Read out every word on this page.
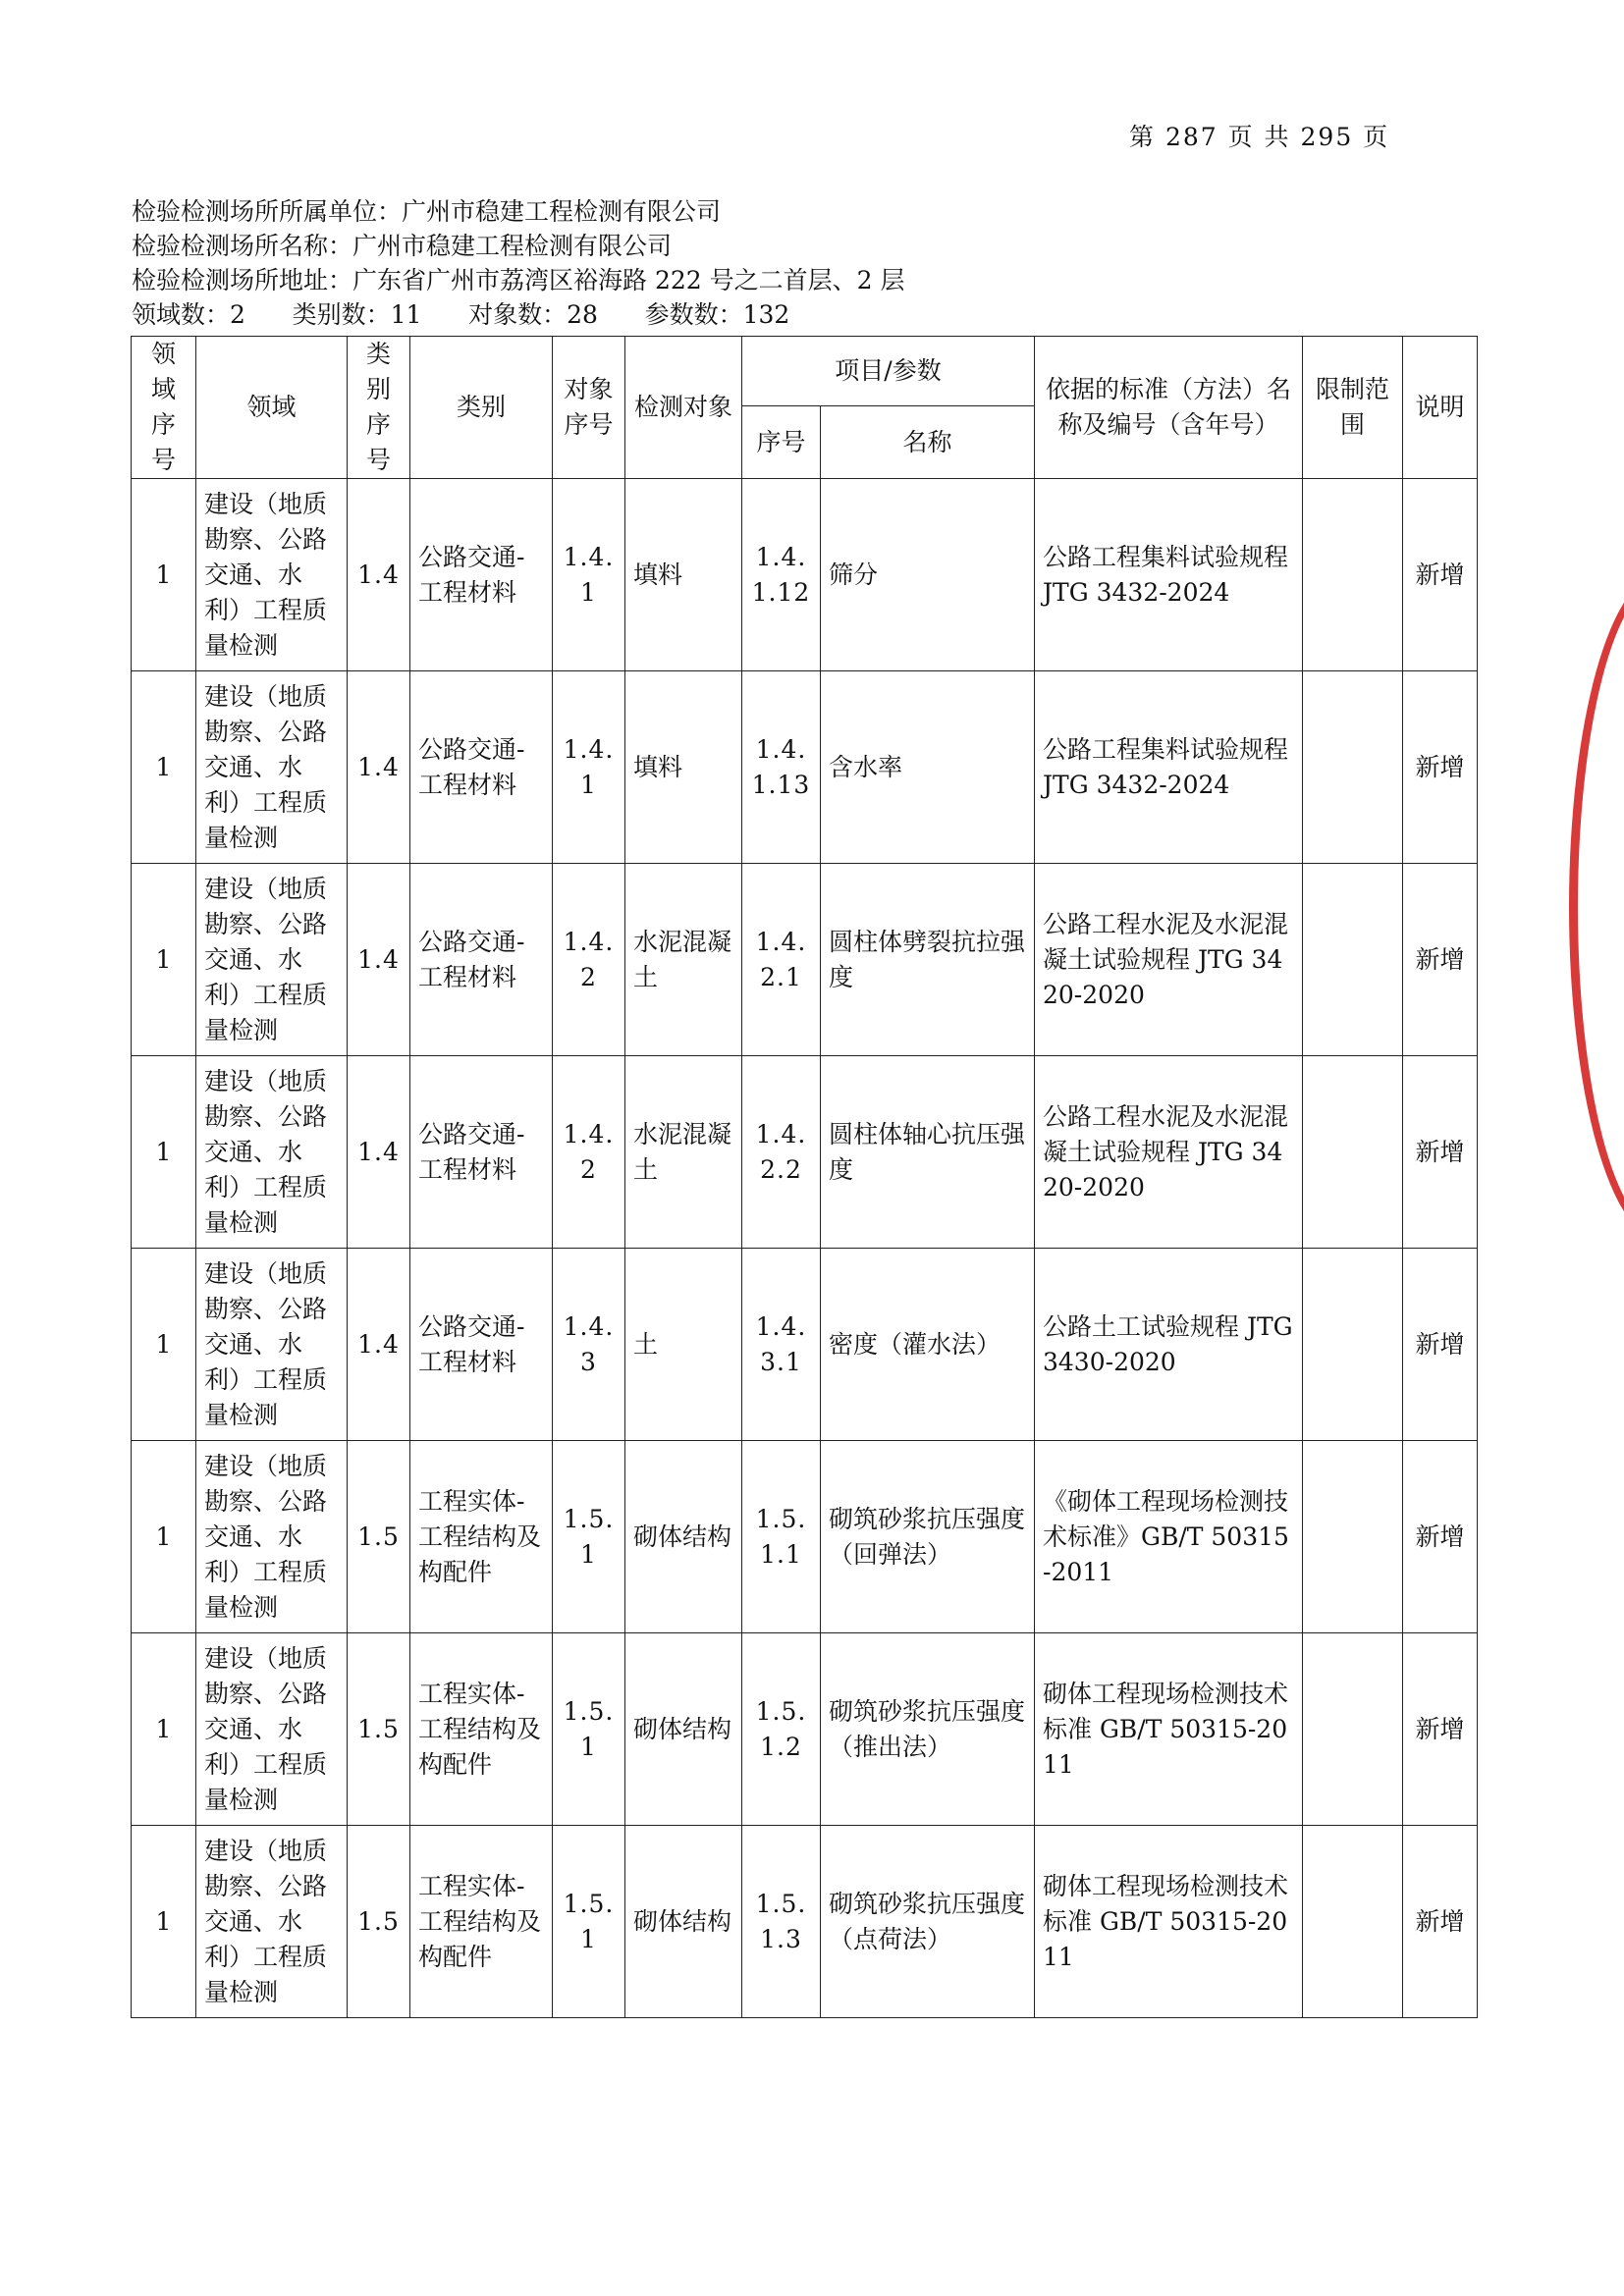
第 287 页 共 295 页
检验检测场所所属单位：广州市稳建工程检测有限公司
检验检测场所名称：广州市稳建工程检测有限公司
检验检测场所地址：广东省广州市荔湾区裕海路 222 号之二首层、2 层
领域数：2      类别数：11      对象数：28      参数数：132
领域序号	领域	类别序号	类别	对象序号	检测对象	项目/参数		依据的标准（方法）名称及编号（含年号）	限制范围	说明
						序号	名称			
1	建设（地质勘察、公路交通、水利）工程质量检测	1.4	公路交通-工程材料	1.4.1	填料	1.4.1.12	筛分	公路工程集料试验规程 JTG 3432-2024		新增
1	建设（地质勘察、公路交通、水利）工程质量检测	1.4	公路交通-工程材料	1.4.1	填料	1.4.1.13	含水率	公路工程集料试验规程 JTG 3432-2024		新增
1	建设（地质勘察、公路交通、水利）工程质量检测	1.4	公路交通-工程材料	1.4.2	水泥混凝土	1.4.2.1	圆柱体劈裂抗拉强度	公路工程水泥及水泥混凝土试验规程 JTG 3420-2020		新增
1	建设（地质勘察、公路交通、水利）工程质量检测	1.4	公路交通-工程材料	1.4.2	水泥混凝土	1.4.2.2	圆柱体轴心抗压强度	公路工程水泥及水泥混凝土试验规程 JTG 3420-2020		新增
1	建设（地质勘察、公路交通、水利）工程质量检测	1.4	公路交通-工程材料	1.4.3	土	1.4.3.1	密度（灌水法）	公路土工试验规程 JTG 3430-2020		新增
1	建设（地质勘察、公路交通、水利）工程质量检测	1.5	工程实体-工程结构及构配件	1.5.1	砌体结构	1.5.1.1	砌筑砂浆抗压强度（回弹法）	《砌体工程现场检测技术标准》GB/T 50315-2011		新增
1	建设（地质勘察、公路交通、水利）工程质量检测	1.5	工程实体-工程结构及构配件	1.5.1	砌体结构	1.5.1.2	砌筑砂浆抗压强度（推出法）	砌体工程现场检测技术标准 GB/T 50315-2011		新增
1	建设（地质勘察、公路交通、水利）工程质量检测	1.5	工程实体-工程结构及构配件	1.5.1	砌体结构	1.5.1.3	砌筑砂浆抗压强度（点荷法）	砌体工程现场检测技术标准 GB/T 50315-2011		新增
